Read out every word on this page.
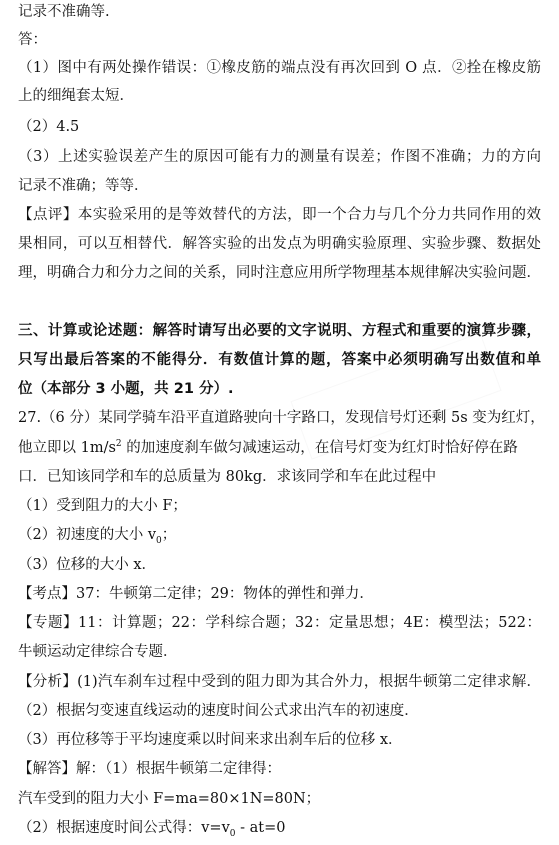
记录不准确等.
答：
（1）图中有两处操作错误：①橡皮筋的端点没有再次回到 O 点．②拴在橡皮筋
上的细绳套太短．
（2）4.5
（3）上述实验误差产生的原因可能有力的测量有误差；作图不准确；力的方向
记录不准确；等等．
【点评】本实验采用的是等效替代的方法，即一个合力与几个分力共同作用的效
果相同，可以互相替代．解答实验的出发点为明确实验原理、实验步骤、数据处
理，明确合力和分力之间的关系，同时注意应用所学物理基本规律解决实验问题．
三、计算或论述题：解答时请写出必要的文字说明、方程式和重要的演算步骤，
只写出最后答案的不能得分．有数值计算的题，答案中必须明确写出数值和单
位（本部分 3 小题，共 21 分）.
27.（6 分）某同学骑车沿平直道路驶向十字路口，发现信号灯还剩 5s 变为红灯，
他立即以 $1m/s^2$ 的加速度刹车做匀减速运动，在信号灯变为红灯时恰好停在路
口．已知该同学和车的总质量为 80kg．求该同学和车在此过程中
（1）受到阻力的大小 F；
（2）初速度的大小 $v_0$；
（3）位移的大小 x．
【考点】37：牛顿第二定律；29：物体的弹性和弹力．
【专题】11：计算题；22：学科综合题；32：定量思想；4E：模型法；522：
牛顿运动定律综合专题．
【分析】(1)汽车刹车过程中受到的阻力即为其合外力，根据牛顿第二定律求解．
（2）根据匀变速直线运动的速度时间公式求出汽车的初速度．
（3）再位移等于平均速度乘以时间来求出刹车后的位移 x．
【解答】解：（1）根据牛顿第二定律得：
汽车受到的阻力大小 F=ma=80×1N=80N；
（2）根据速度时间公式得：$v=v_0 - at=0$
